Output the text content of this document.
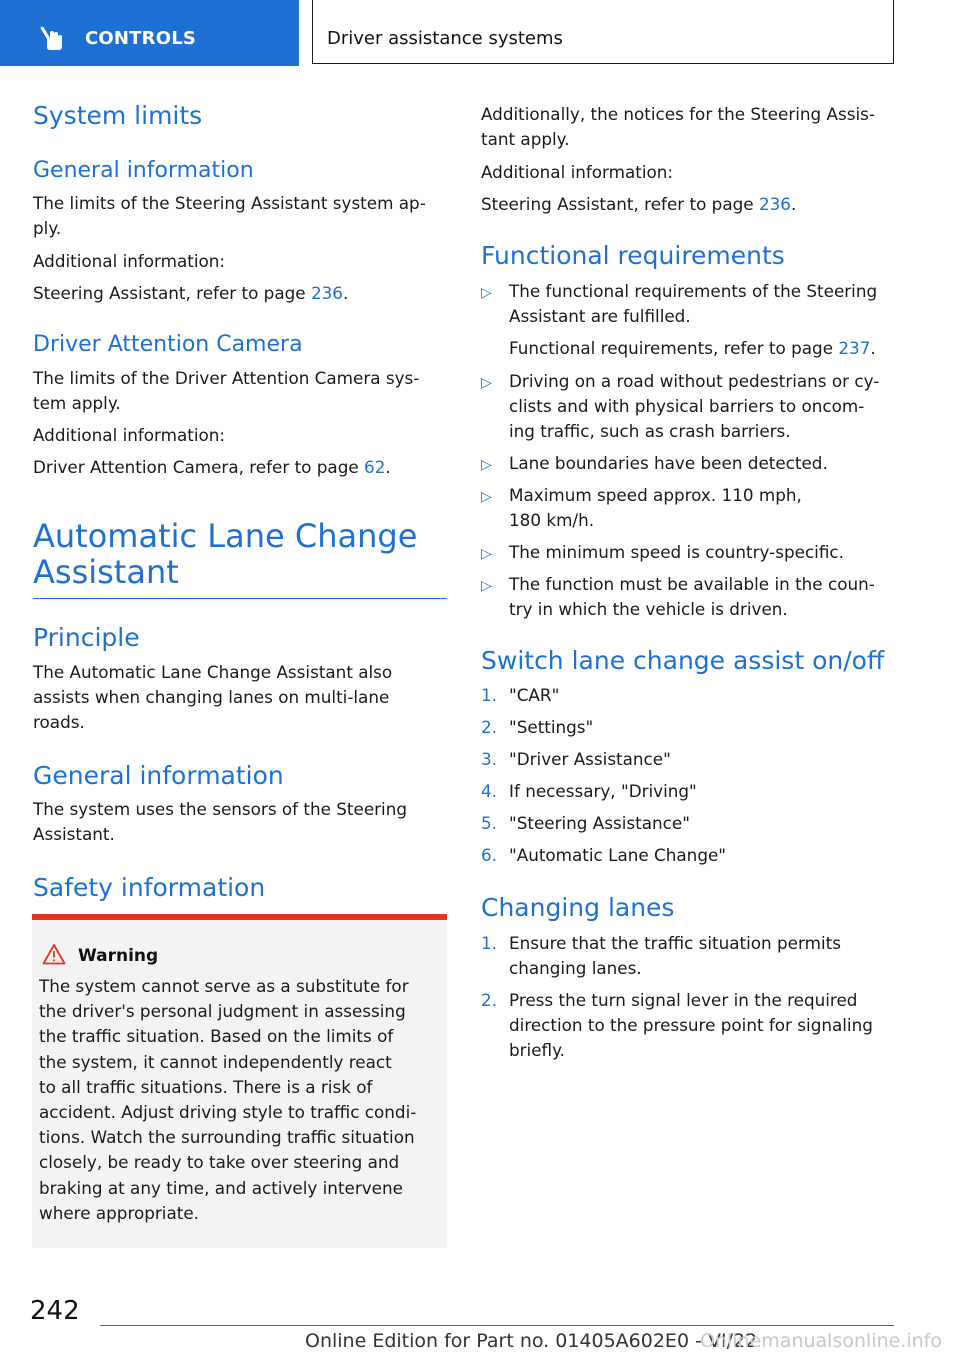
CONTROLS	Driver assistance systems
System limits
General information
The limits of the Steering Assistant system ap-
ply.
Additional information:
Steering Assistant, refer to page 236.
Driver Attention Camera
The limits of the Driver Attention Camera sys-
tem apply.
Additional information:
Driver Attention Camera, refer to page 62.
Automatic Lane Change
Assistant
Principle
The Automatic Lane Change Assistant also
assists when changing lanes on multi-lane
roads.
General information
The system uses the sensors of the Steering
Assistant.
Safety information
Warning
The system cannot serve as a substitute for
the driver's personal judgment in assessing
the traffic situation. Based on the limits of
the system, it cannot independently react
to all traffic situations. There is a risk of
accident. Adjust driving style to traffic condi-
tions. Watch the surrounding traffic situation
closely, be ready to take over steering and
braking at any time, and actively intervene
where appropriate.
Additionally, the notices for the Steering Assis-
tant apply.
Additional information:
Steering Assistant, refer to page 236.
Functional requirements
▷ The functional requirements of the Steering
Assistant are fulfilled.
Functional requirements, refer to page 237.
▷ Driving on a road without pedestrians or cy-
clists and with physical barriers to oncom-
ing traffic, such as crash barriers.
▷ Lane boundaries have been detected.
▷ Maximum speed approx. 110 mph,
180 km/h.
▷ The minimum speed is country-specific.
▷ The function must be available in the coun-
try in which the vehicle is driven.
Switch lane change assist on/off
1. "CAR"
2. "Settings"
3. "Driver Assistance"
4. If necessary, "Driving"
5. "Steering Assistance"
6. "Automatic Lane Change"
Changing lanes
1. Ensure that the traffic situation permits
changing lanes.
2. Press the turn signal lever in the required
direction to the pressure point for signaling
briefly.
242
Online Edition for Part no. 01405A602E0 - VI/22
Onlinemanualsonline.info
